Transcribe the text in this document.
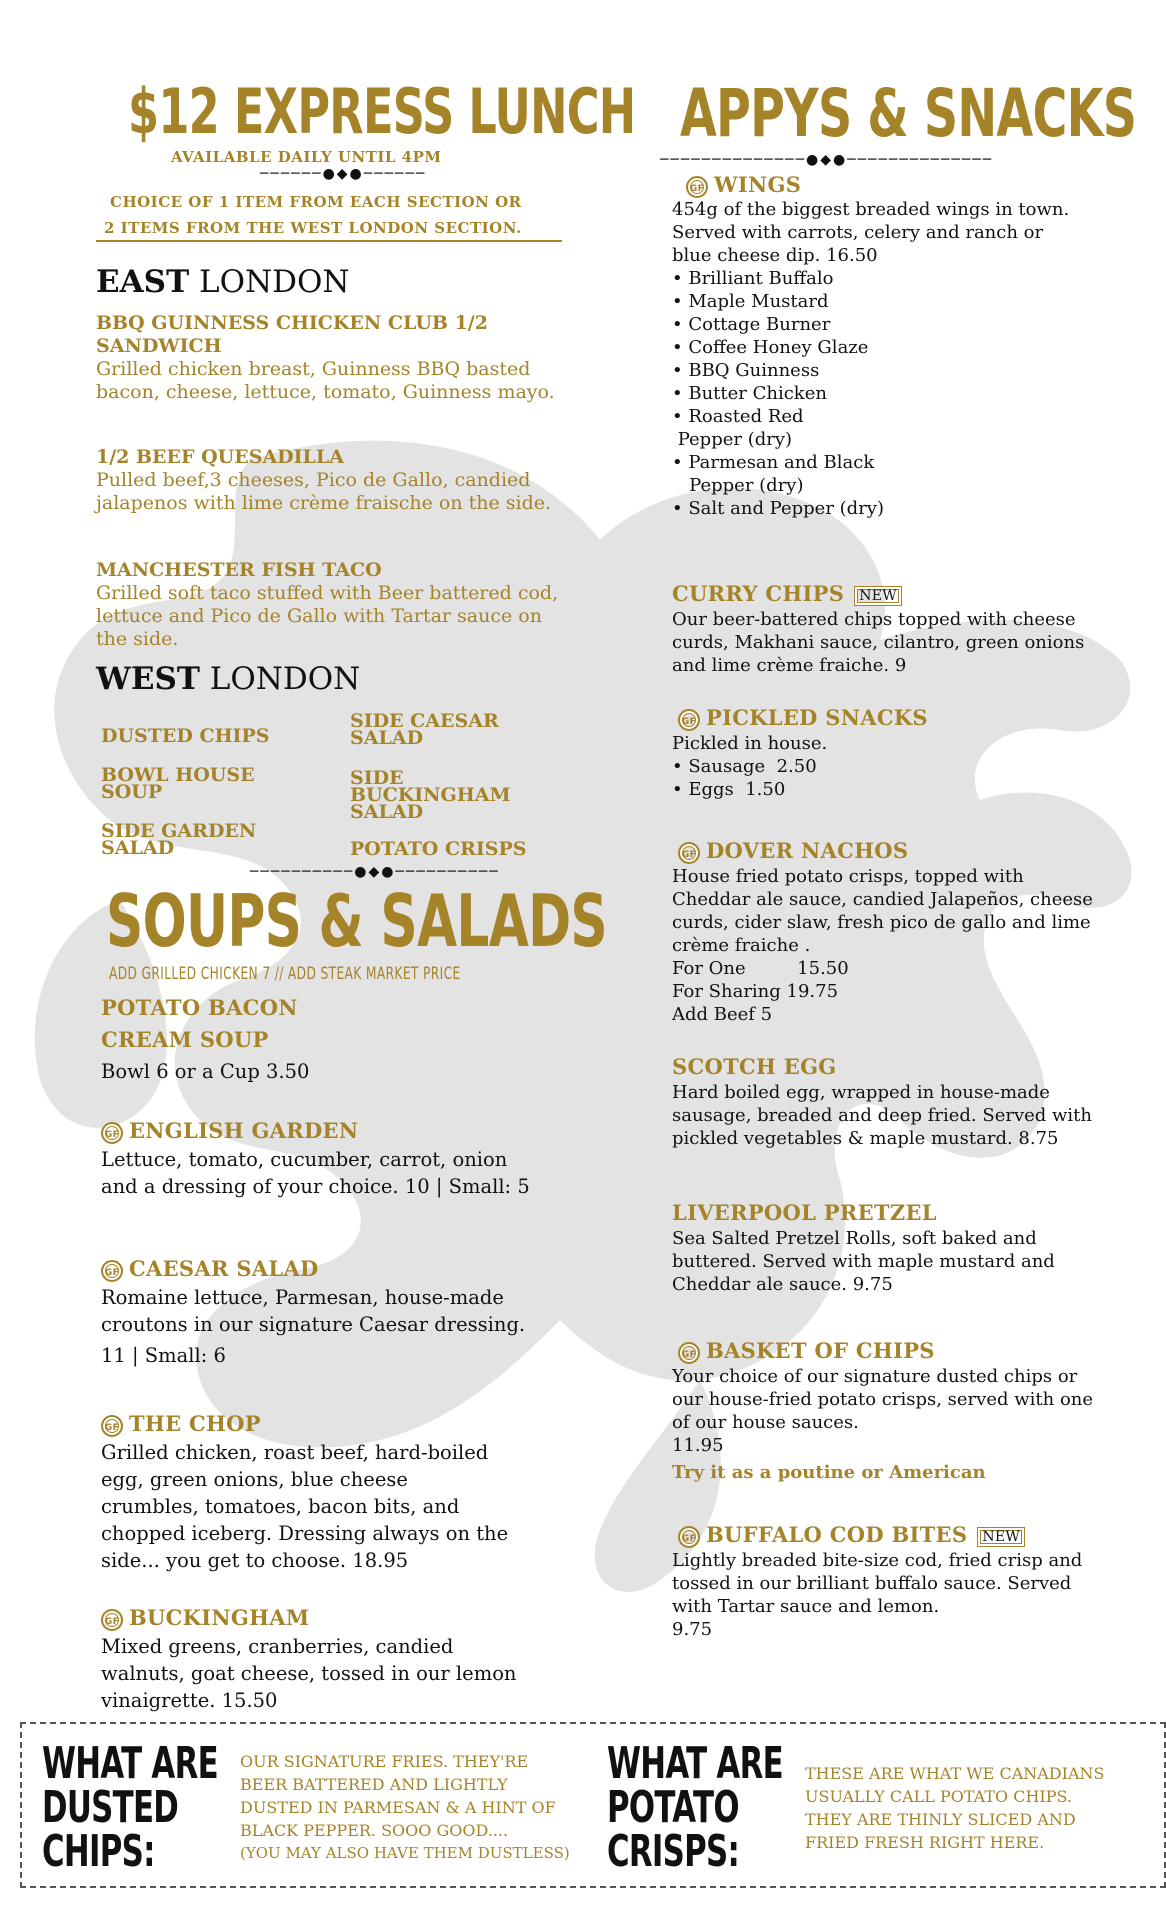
$12 EXPRESS LUNCH
AVAILABLE DAILY UNTIL 4PM
──────●◆●──────
CHOICE OF 1 ITEM FROM EACH SECTION OR
2 ITEMS FROM THE WEST LONDON SECTION.
EAST LONDON
BBQ GUINNESS CHICKEN CLUB 1/2 SANDWICH
Grilled chicken breast, Guinness BBQ basted bacon, cheese, lettuce, tomato, Guinness mayo.
1/2 BEEF QUESADILLA
Pulled beef,3 cheeses, Pico de Gallo, candied jalapenos with lime crème fraische on the side.
MANCHESTER FISH TACO
Grilled soft taco stuffed with Beer battered cod, lettuce and Pico de Gallo with Tartar sauce on the side.
WEST LONDON
DUSTED CHIPS
SIDE CAESAR SALAD
BOWL HOUSE SOUP
SIDE BUCKINGHAM SALAD
SIDE GARDEN SALAD	POTATO CRISPS
──────────●◆●──────────
SOUPS & SALADS
ADD GRILLED CHICKEN 7 // ADD STEAK MARKET PRICE
POTATO BACON
CREAM SOUP
Bowl 6 or a Cup 3.50
GF ENGLISH GARDEN
Lettuce, tomato, cucumber, carrot, onion and a dressing of your choice. 10 | Small: 5
GF CAESAR SALAD
Romaine lettuce, Parmesan, house-made croutons in our signature Caesar dressing.
11 | Small: 6
GF THE CHOP
Grilled chicken, roast beef, hard-boiled egg, green onions, blue cheese crumbles, tomatoes, bacon bits, and chopped iceberg. Dressing always on the side... you get to choose. 18.95
GF BUCKINGHAM
Mixed greens, cranberries, candied walnuts, goat cheese, tossed in our lemon vinaigrette. 15.50
APPYS & SNACKS
──────────────●◆●──────────────
GF WINGS
454g of the biggest breaded wings in town. Served with carrots, celery and ranch or
blue cheese dip. 16.50
• Brilliant Buffalo
• Maple Mustard
• Cottage Burner
• Coffee Honey Glaze
• BBQ Guinness
• Butter Chicken
• Roasted Red
Pepper (dry)
• Parmesan and Black
Pepper (dry)
• Salt and Pepper (dry)
CURRY CHIPS NEW
Our beer-battered chips topped with cheese curds, Makhani sauce, cilantro, green onions and lime crème fraiche. 9
GF PICKLED SNACKS
Pickled in house.
• Sausage  2.50
• Eggs  1.50
GF DOVER NACHOS
House fried potato crisps, topped with Cheddar ale sauce, candied Jalapeños, cheese curds, cider slaw, fresh pico de gallo and lime crème fraiche .
For One         15.50
For Sharing 19.75
Add Beef 5
SCOTCH EGG
Hard boiled egg, wrapped in house-made sausage, breaded and deep fried. Served with pickled vegetables & maple mustard. 8.75
LIVERPOOL PRETZEL
Sea Salted Pretzel Rolls, soft baked and buttered. Served with maple mustard and Cheddar ale sauce. 9.75
GF BASKET OF CHIPS
Your choice of our signature dusted chips or our house-fried potato crisps, served with one of our house sauces.
11.95
Try it as a poutine or American
GF BUFFALO COD BITES NEW
Lightly breaded bite-size cod, fried crisp and tossed in our brilliant buffalo sauce. Served with Tartar sauce and lemon.
9.75
WHAT ARE
DUSTED
CHIPS:
OUR SIGNATURE FRIES. THEY'RE
BEER BATTERED AND LIGHTLY
DUSTED IN PARMESAN & A HINT OF
BLACK PEPPER. SOOO GOOD....
(YOU MAY ALSO HAVE THEM DUSTLESS)
WHAT ARE
POTATO
CRISPS:
THESE ARE WHAT WE CANADIANS
USUALLY CALL POTATO CHIPS.
THEY ARE THINLY SLICED AND
FRIED FRESH RIGHT HERE.
